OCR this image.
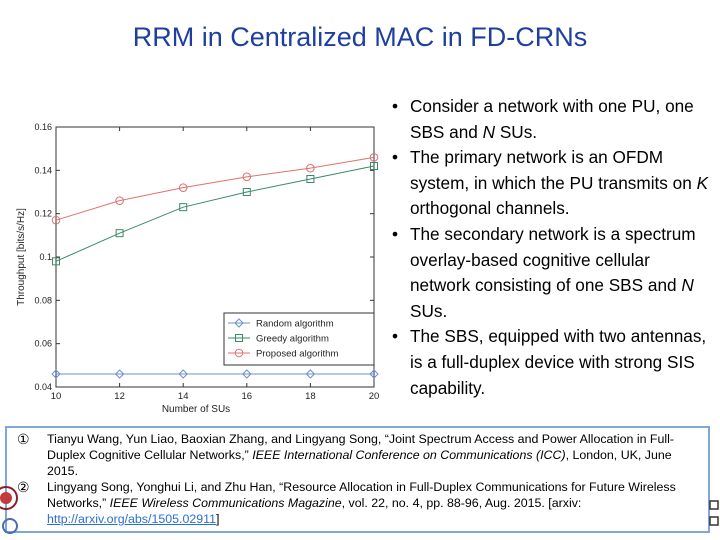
RRM in Centralized MAC in FD-CRNs
0.04
0.06
0.08
0.1
0.12
0.14
0.16
10	12	14	16	18	20
Number of SUs
Throughput [bits/s/Hz]
Random algorithm
Greedy algorithm
Proposed algorithm
• Consider a network with one PU, one SBS and N SUs.
• The primary network is an OFDM system, in which the PU transmits on K orthogonal channels.
• The secondary network is a spectrum overlay-based cognitive cellular network consisting of one SBS and N SUs.
• The SBS, equipped with two antennas, is a full-duplex device with strong SIS capability.
① Tianyu Wang, Yun Liao, Baoxian Zhang, and Lingyang Song, “Joint Spectrum Access and Power Allocation in Full-Duplex Cognitive Cellular Networks,” IEEE International Conference on Communications (ICC), London, UK, June 2015.
② Lingyang Song, Yonghui Li, and Zhu Han, “Resource Allocation in Full-Duplex Communications for Future Wireless Networks,” IEEE Wireless Communications Magazine, vol. 22, no. 4, pp. 88-96, Aug. 2015. [arxiv: http://arxiv.org/abs/1505.02911]
